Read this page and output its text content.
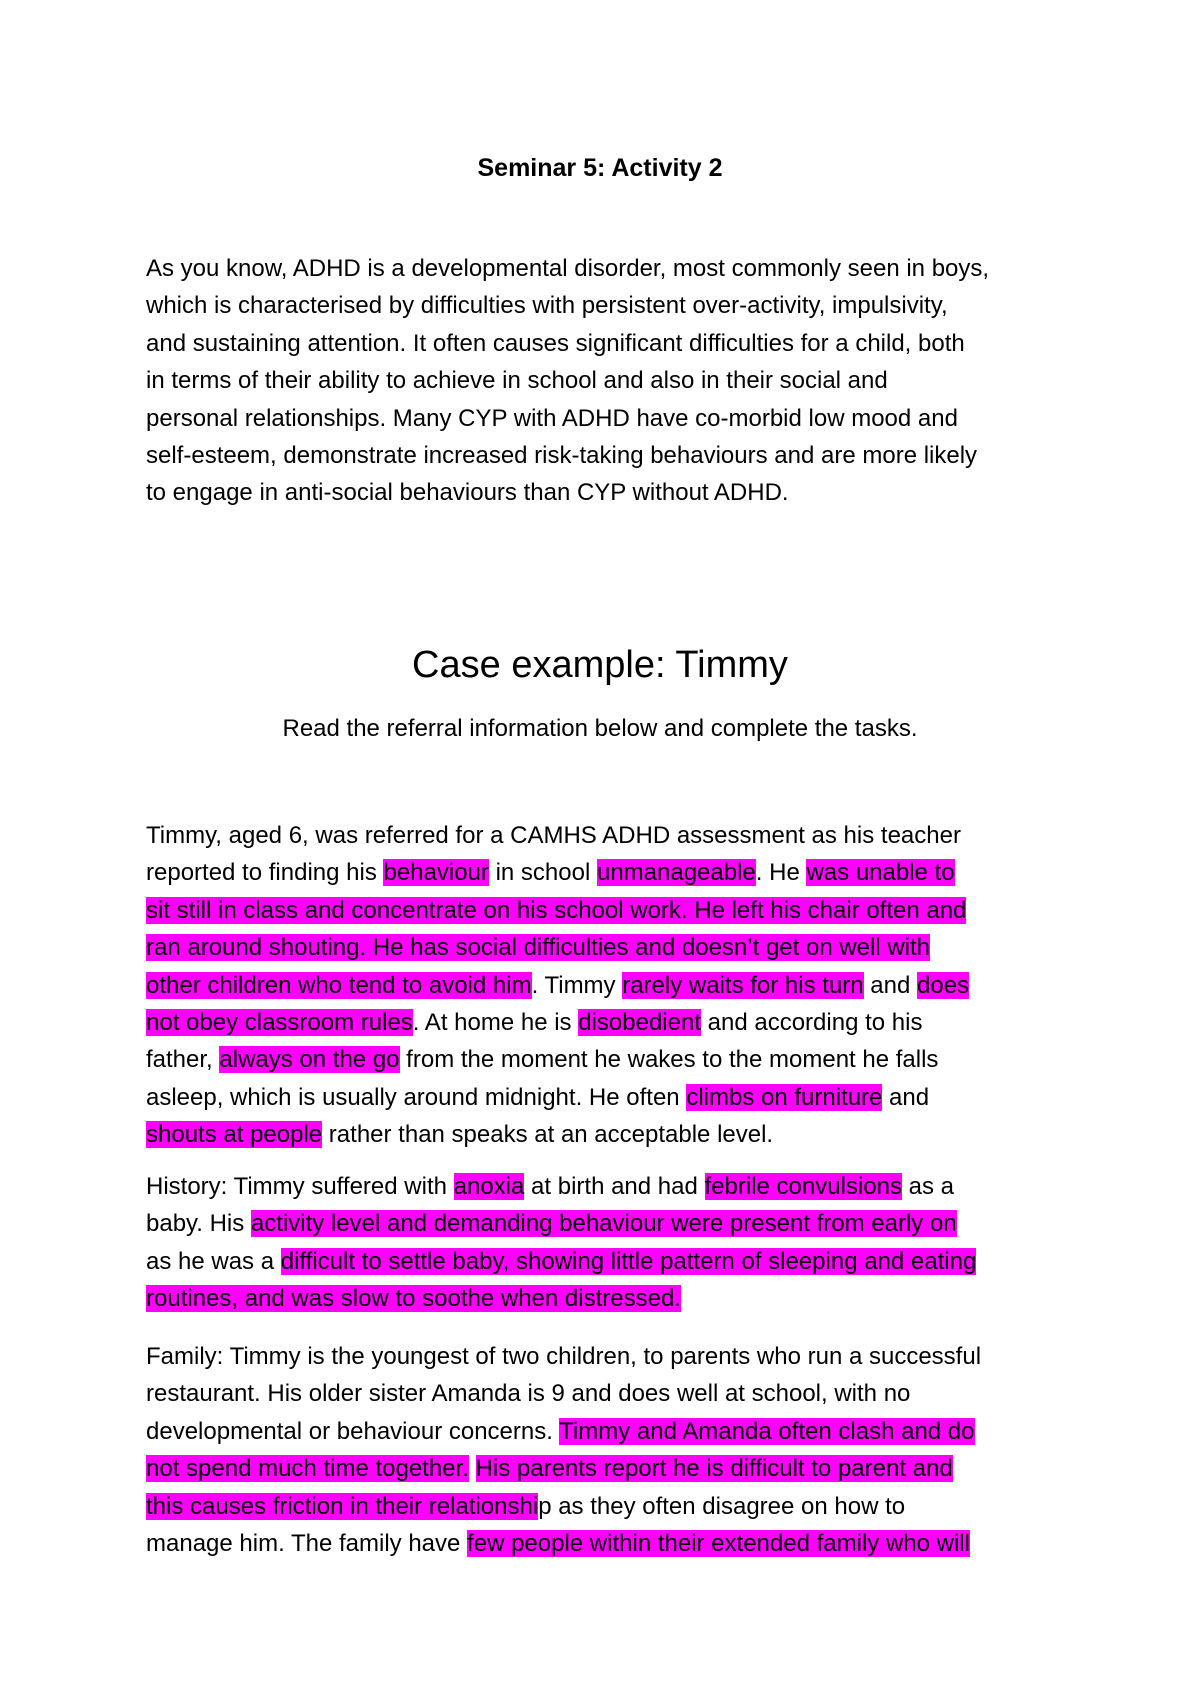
Seminar 5: Activity 2
As you know, ADHD is a developmental disorder, most commonly seen in boys,
which is characterised by difficulties with persistent over-activity, impulsivity,
and sustaining attention. It often causes significant difficulties for a child, both
in terms of their ability to achieve in school and also in their social and
personal relationships. Many CYP with ADHD have co-morbid low mood and
self-esteem, demonstrate increased risk-taking behaviours and are more likely
to engage in anti-social behaviours than CYP without ADHD.
Case example: Timmy
Read the referral information below and complete the tasks.
Timmy, aged 6, was referred for a CAMHS ADHD assessment as his teacher
reported to finding his behaviour in school unmanageable. He was unable to
sit still in class and concentrate on his school work. He left his chair often and
ran around shouting. He has social difficulties and doesn’t get on well with
other children who tend to avoid him. Timmy rarely waits for his turn and does
not obey classroom rules. At home he is disobedient and according to his
father, always on the go from the moment he wakes to the moment he falls
asleep, which is usually around midnight. He often climbs on furniture and
shouts at people rather than speaks at an acceptable level.
History: Timmy suffered with anoxia at birth and had febrile convulsions as a
baby. His activity level and demanding behaviour were present from early on
as he was a difficult to settle baby, showing little pattern of sleeping and eating
routines, and was slow to soothe when distressed.
Family: Timmy is the youngest of two children, to parents who run a successful
restaurant. His older sister Amanda is 9 and does well at school, with no
developmental or behaviour concerns. Timmy and Amanda often clash and do
not spend much time together. His parents report he is difficult to parent and
this causes friction in their relationship as they often disagree on how to
manage him. The family have few people within their extended family who will
